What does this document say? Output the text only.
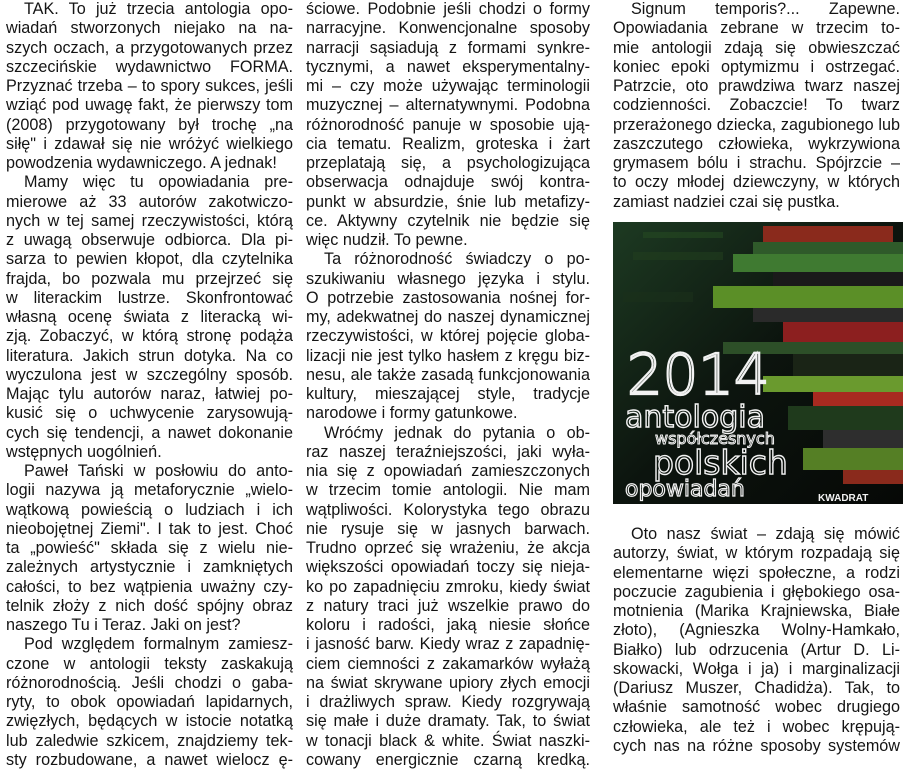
TAK. To już trzecia antologia opo-
wiadań stworzonych niejako na na-
szych oczach, a przygotowanych przez
szczecińskie wydawnictwo FORMA.
Przyznać trzeba – to spory sukces, jeśli
wziąć pod uwagę fakt, że pierwszy tom
(2008) przygotowany był trochę „na
siłę" i zdawał się nie wróżyć wielkiego
powodzenia wydawniczego. A jednak!
Mamy więc tu opowiadania pre-
mierowe aż 33 autorów zakotwiczo-
nych w tej samej rzeczywistości, którą
z uwagą obserwuje odbiorca. Dla pi-
sarza to pewien kłopot, dla czytelnika
frajda, bo pozwala mu przejrzeć się
w literackim lustrze. Skonfrontować
własną ocenę świata z literacką wi-
zją. Zobaczyć, w którą stronę podąża
literatura. Jakich strun dotyka. Na co
wyczulona jest w szczególny sposób.
Mając tylu autorów naraz, łatwiej po-
kusić się o uchwycenie zarysowują-
cych się tendencji, a nawet dokonanie
wstępnych uogólnień.
Paweł Tański w posłowiu do anto-
logii nazywa ją metaforycznie „wielo-
wątkową powieścią o ludziach i ich
nieobojętnej Ziemi". I tak to jest. Choć
ta „powieść" składa się z wielu nie-
zależnych artystycznie i zamkniętych
całości, to bez wątpienia uważny czy-
telnik złoży z nich dość spójny obraz
naszego Tu i Teraz. Jaki on jest?
Pod względem formalnym zamiesz-
czone w antologii teksty zaskakują
różnorodnością. Jeśli chodzi o gaba-
ryty, to obok opowiadań lapidarnych,
zwięzłych, będących w istocie notatką
lub zaledwie szkicem, znajdziemy tek-
sty rozbudowane, a nawet wielocz ę-
ściowe. Podobnie jeśli chodzi o formy
narracyjne. Konwencjonalne sposoby
narracji sąsiadują z formami synkre-
tycznymi, a nawet eksperymentalny-
mi – czy może używając terminologii
muzycznej – alternatywnymi. Podobna
różnorodność panuje w sposobie ują-
cia tematu. Realizm, groteska i żart
przeplatają się, a psychologizująca
obserwacja odnajduje swój kontra-
punkt w absurdzie, śnie lub metafizy-
ce. Aktywny czytelnik nie będzie się
więc nudził. To pewne.
Ta różnorodność świadczy o po-
szukiwaniu własnego języka i stylu.
O potrzebie zastosowania nośnej for-
my, adekwatnej do naszej dynamicznej
rzeczywistości, w której pojęcie globa-
lizacji nie jest tylko hasłem z kręgu biz-
nesu, ale także zasadą funkcjonowania
kultury, mieszającej style, tradycje
narodowe i formy gatunkowe.
Wróćmy jednak do pytania o ob-
raz naszej teraźniejszości, jaki wyła-
nia się z opowiadań zamieszczonych
w trzecim tomie antologii. Nie mam
wątpliwości. Kolorystyka tego obrazu
nie rysuje się w jasnych barwach.
Trudno oprzeć się wrażeniu, że akcja
większości opowiadań toczy się nieja-
ko po zapadnięciu zmroku, kiedy świat
z natury traci już wszelkie prawo do
koloru i radości, jaką niesie słońce
i jasność barw. Kiedy wraz z zapadnię-
ciem ciemności z zakamarków wyłażą
na świat skrywane upiory złych emocji
i drażliwych spraw. Kiedy rozgrywają
się małe i duże dramaty. Tak, to świat
w tonacji black & white. Świat naszki-
cowany energicznie czarną kredką.
Signum temporis?... Zapewne.
Opowiadania zebrane w trzecim to-
mie antologii zdają się obwieszczać
koniec epoki optymizmu i ostrzegać.
Patrzcie, oto prawdziwa twarz naszej
codzienności. Zobaczcie! To twarz
przerażonego dziecka, zagubionego lub
zaszczutego człowieka, wykrzywiona
grymasem bólu i strachu. Spójrzcie –
to oczy młodej dziewczyny, w których
zamiast nadziei czai się pustka.
2014
antologia
współczesnych
polskich
opowiadań	KWADRAT
Oto nasz świat – zdają się mówić
autorzy, świat, w którym rozpadają się
elementarne więzi społeczne, a rodzi
poczucie zagubienia i głębokiego osa-
motnienia (Marika Krajniewska, Białe
złoto), (Agnieszka Wolny-Hamkało,
Białko) lub odrzucenia (Artur D. Li-
skowacki, Wołga i ja) i marginalizacji
(Dariusz Muszer, Chadidża). Tak, to
właśnie samotność wobec drugiego
człowieka, ale też i wobec krępują-
cych nas na różne sposoby systemów
